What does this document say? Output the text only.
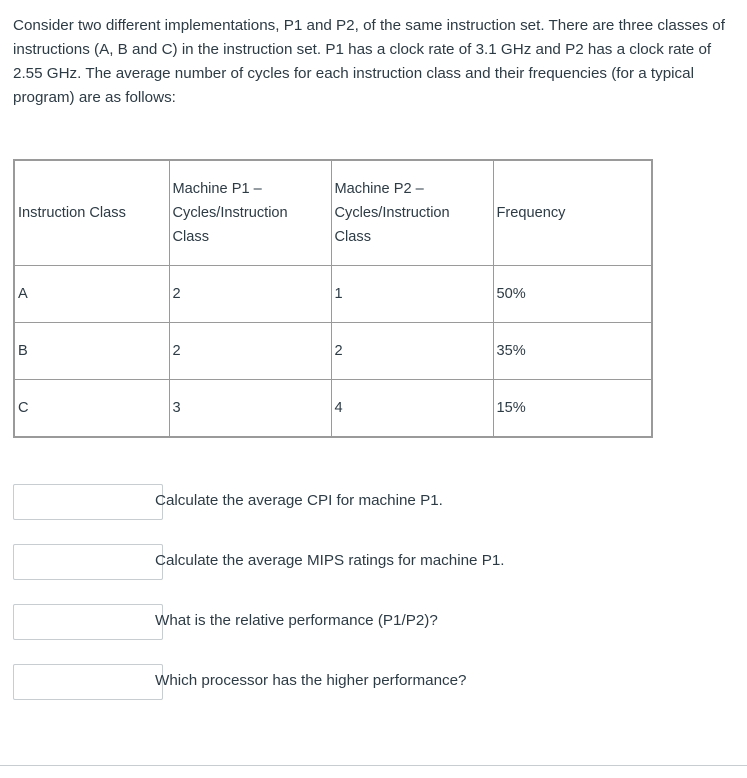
Consider two different implementations, P1 and P2, of the same instruction set. There are three classes of instructions (A, B and C) in the instruction set. P1 has a clock rate of 3.1 GHz and P2 has a clock rate of 2.55 GHz. The average number of cycles for each instruction class and their frequencies (for a typical program) are as follows:

Instruction Class	Machine P1 –
Cycles/Instruction
Class	Machine P2 –
Cycles/Instruction
Class	Frequency
A	2	1	50%
B	2	2	35%
C	3	4	15%
Calculate the average CPI for machine P1.
Calculate the average MIPS ratings for machine P1.
What is the relative performance (P1/P2)?
Which processor has the higher performance?
